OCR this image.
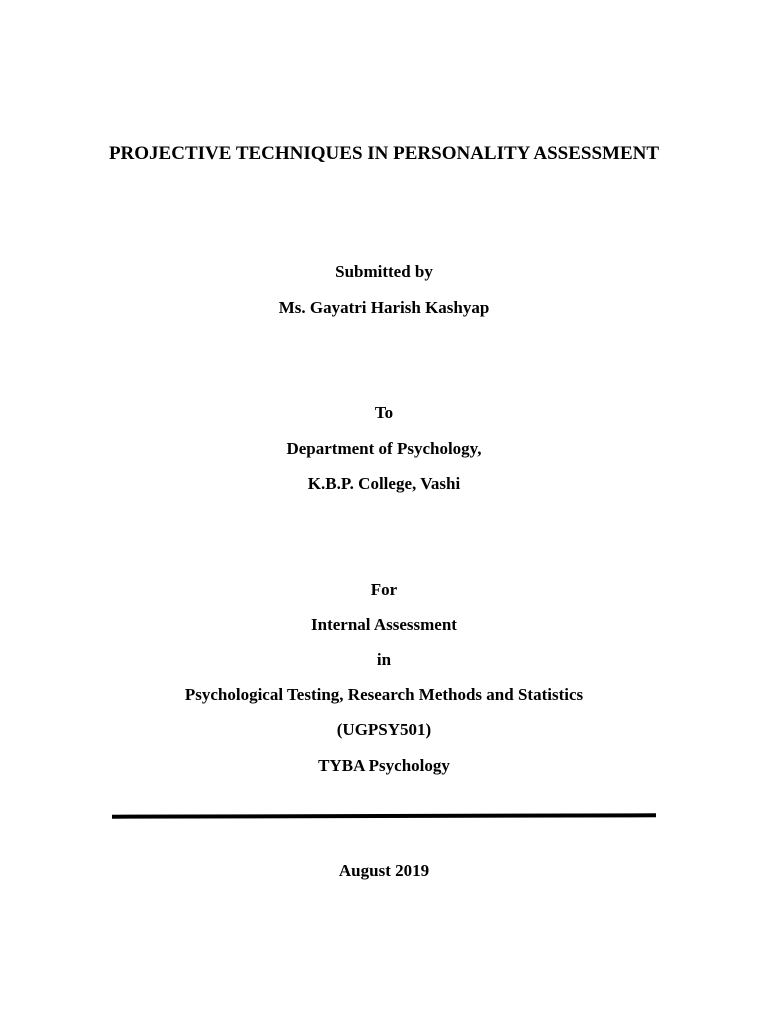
PROJECTIVE TECHNIQUES IN PERSONALITY ASSESSMENT
Submitted by
Ms. Gayatri Harish Kashyap
To
Department of Psychology,
K.B.P. College, Vashi
For
Internal Assessment
in
Psychological Testing, Research Methods and Statistics
(UGPSY501)
TYBA Psychology
August 2019
